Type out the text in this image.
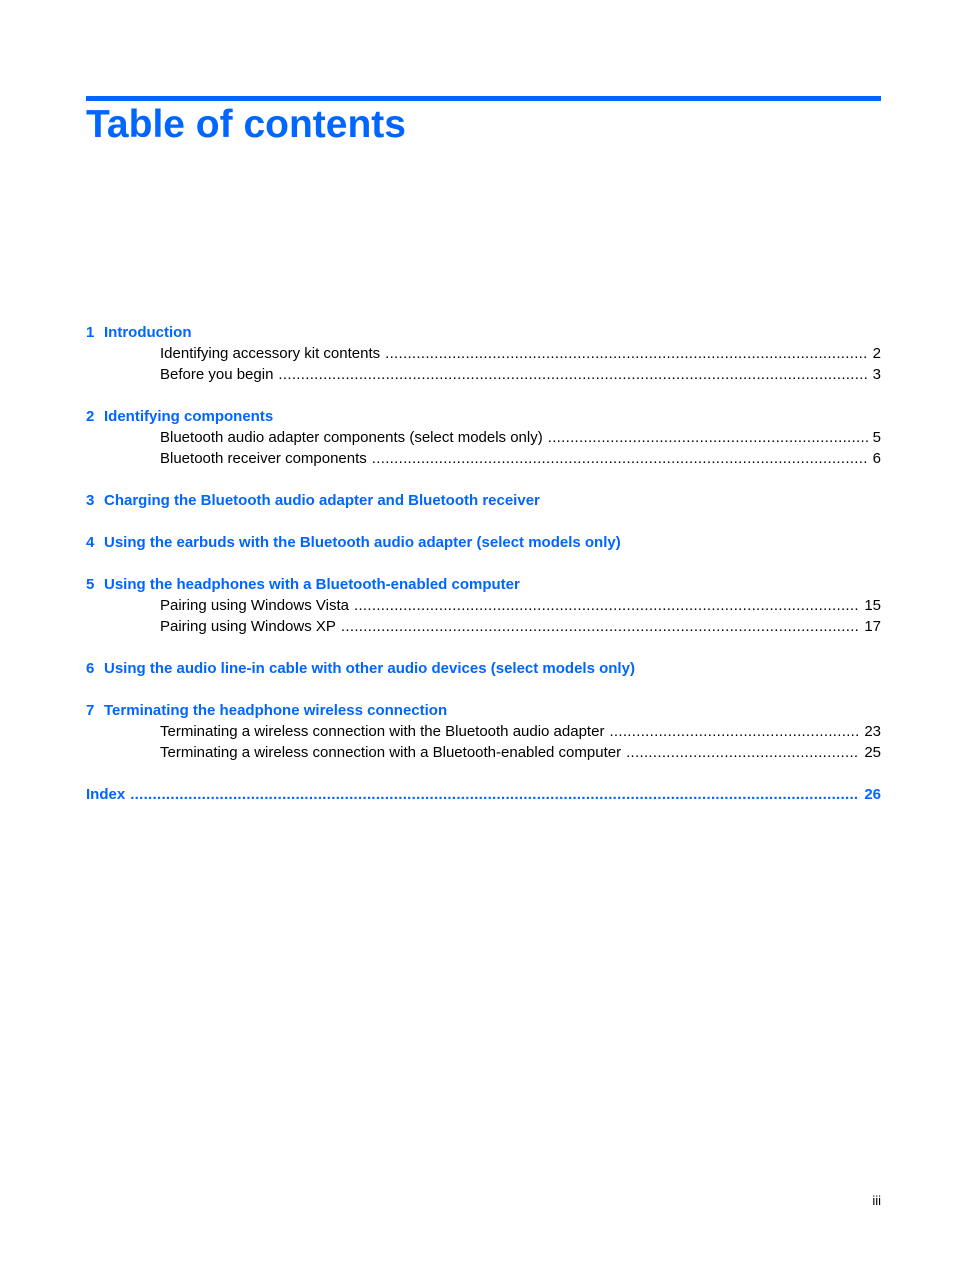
Table of contents
1 Introduction
Identifying accessory kit contents .....	2
Before you begin .....	3
2 Identifying components
Bluetooth audio adapter components (select models only) .....	5
Bluetooth receiver components .....	6
3 Charging the Bluetooth audio adapter and Bluetooth receiver
4 Using the earbuds with the Bluetooth audio adapter (select models only)
5 Using the headphones with a Bluetooth-enabled computer
Pairing using Windows Vista .....	15
Pairing using Windows XP .....	17
6 Using the audio line-in cable with other audio devices (select models only)
7 Terminating the headphone wireless connection
Terminating a wireless connection with the Bluetooth audio adapter .....	23
Terminating a wireless connection with a Bluetooth-enabled computer .....	25
Index .....	26
iii
